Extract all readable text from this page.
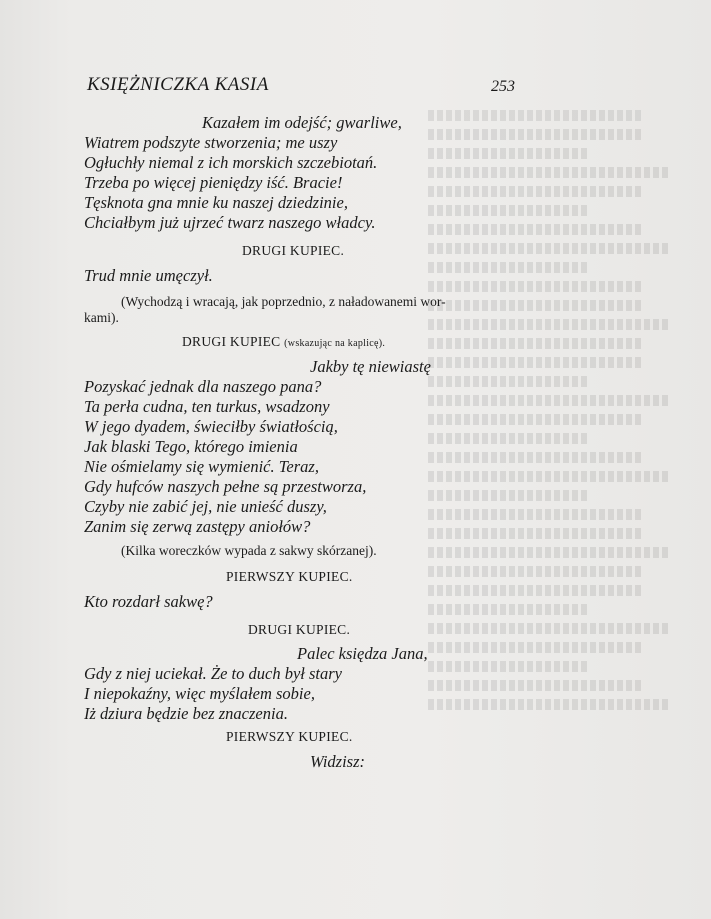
KSIĘŻNICZKA KASIA	253
Kazałem im odejść; gwarliwe,
Wiatrem podszyte stworzenia; me uszy
Ogłuchły niemal z ich morskich szczebiotań.
Trzeba po więcej pieniędzy iść. Bracie!
Tęsknota gna mnie ku naszej dziedzinie,
Chciałbym już ujrzeć twarz naszego władcy.
DRUGI KUPIEC.
Trud mnie umęczył.
(Wychodzą i wracają, jak poprzednio, z naładowanemi wor-
kami).
DRUGI KUPIEC (wskazując na kaplicę).
Jakby tę niewiastę
Pozyskać jednak dla naszego pana?
Ta perła cudna, ten turkus, wsadzony
W jego dyadem, świeciłby światłością,
Jak blaski Tego, którego imienia
Nie ośmielamy się wymienić. Teraz,
Gdy hufców naszych pełne są przestworza,
Czyby nie zabić jej, nie unieść duszy,
Zanim się zerwą zastępy aniołów?
(Kilka woreczków wypada z sakwy skórzanej).
PIERWSZY KUPIEC.
Kto rozdarł sakwę?
DRUGI KUPIEC.
Palec księdza Jana,
Gdy z niej uciekał. Że to duch był stary
I niepokaźny, więc myślałem sobie,
Iż dziura będzie bez znaczenia.
PIERWSZY KUPIEC.
Widzisz:
